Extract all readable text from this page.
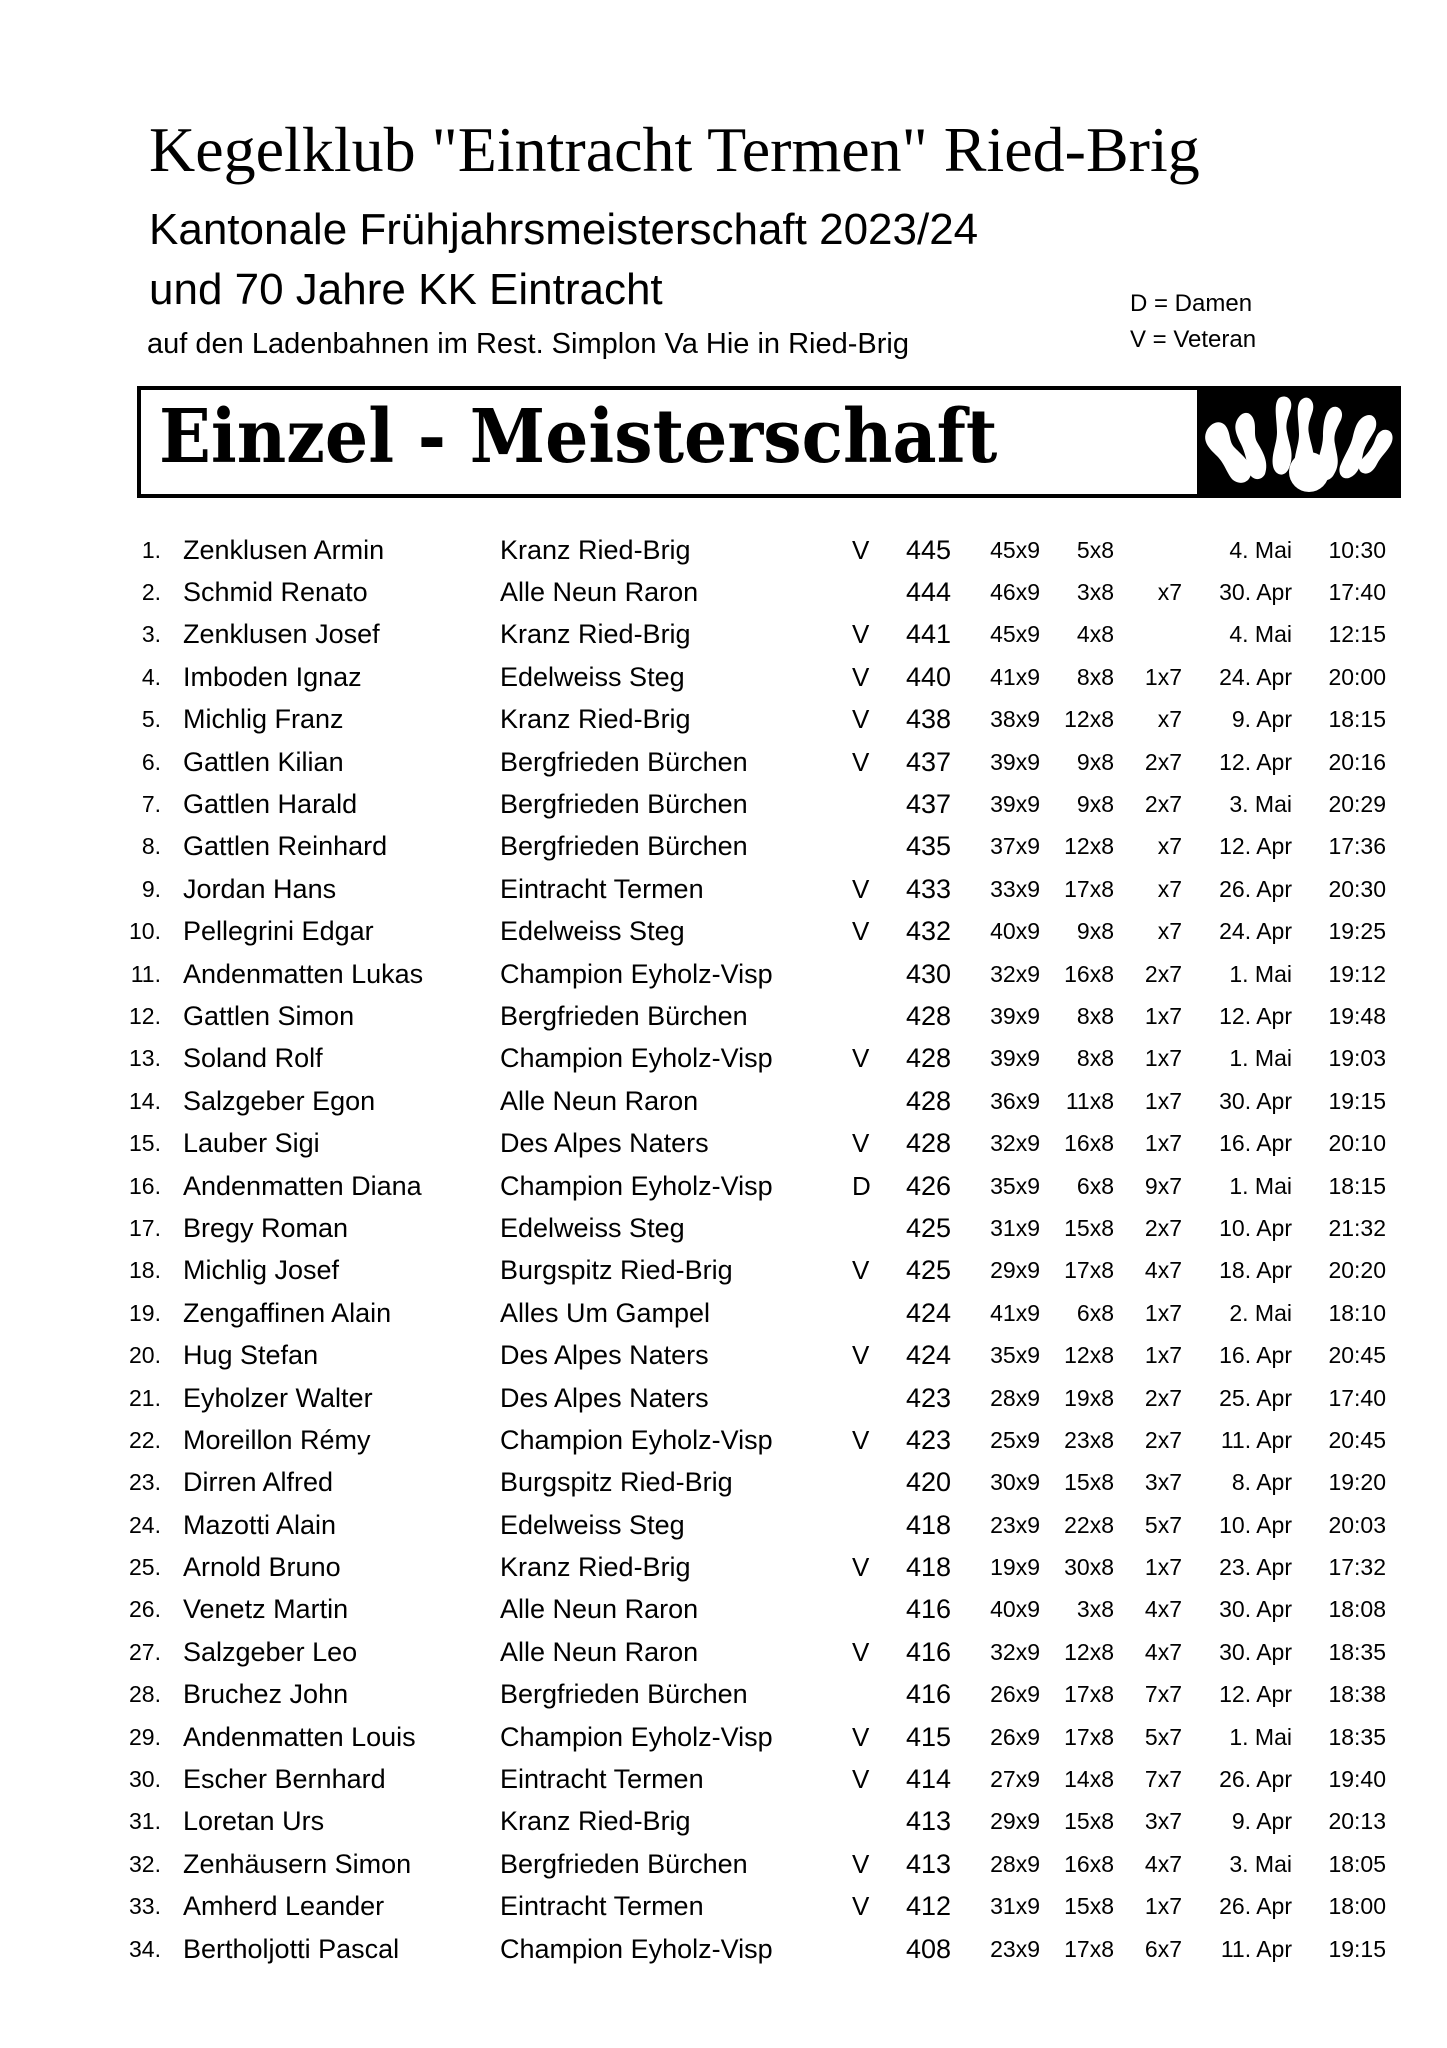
Kegelklub "Eintracht Termen" Ried-Brig
Kantonale Frühjahrsmeisterschaft 2023/24
und 70 Jahre KK Eintracht
auf den Ladenbahnen im Rest. Simplon Va Hie in Ried-Brig
D = Damen
V = Veteran
Einzel - Meisterschaft
1.	Zenklusen Armin	Kranz Ried-Brig	V	445	45x9	5x8		4. Mai	10:30
2.	Schmid Renato	Alle Neun Raron		444	46x9	3x8	x7	30. Apr	17:40
3.	Zenklusen Josef	Kranz Ried-Brig	V	441	45x9	4x8		4. Mai	12:15
4.	Imboden Ignaz	Edelweiss Steg	V	440	41x9	8x8	1x7	24. Apr	20:00
5.	Michlig Franz	Kranz Ried-Brig	V	438	38x9	12x8	x7	9. Apr	18:15
6.	Gattlen Kilian	Bergfrieden Bürchen	V	437	39x9	9x8	2x7	12. Apr	20:16
7.	Gattlen Harald	Bergfrieden Bürchen		437	39x9	9x8	2x7	3. Mai	20:29
8.	Gattlen Reinhard	Bergfrieden Bürchen		435	37x9	12x8	x7	12. Apr	17:36
9.	Jordan Hans	Eintracht Termen	V	433	33x9	17x8	x7	26. Apr	20:30
10.	Pellegrini Edgar	Edelweiss Steg	V	432	40x9	9x8	x7	24. Apr	19:25
11.	Andenmatten Lukas	Champion Eyholz-Visp		430	32x9	16x8	2x7	1. Mai	19:12
12.	Gattlen Simon	Bergfrieden Bürchen		428	39x9	8x8	1x7	12. Apr	19:48
13.	Soland Rolf	Champion Eyholz-Visp	V	428	39x9	8x8	1x7	1. Mai	19:03
14.	Salzgeber Egon	Alle Neun Raron		428	36x9	11x8	1x7	30. Apr	19:15
15.	Lauber Sigi	Des Alpes Naters	V	428	32x9	16x8	1x7	16. Apr	20:10
16.	Andenmatten Diana	Champion Eyholz-Visp	D	426	35x9	6x8	9x7	1. Mai	18:15
17.	Bregy Roman	Edelweiss Steg		425	31x9	15x8	2x7	10. Apr	21:32
18.	Michlig Josef	Burgspitz Ried-Brig	V	425	29x9	17x8	4x7	18. Apr	20:20
19.	Zengaffinen Alain	Alles Um Gampel		424	41x9	6x8	1x7	2. Mai	18:10
20.	Hug Stefan	Des Alpes Naters	V	424	35x9	12x8	1x7	16. Apr	20:45
21.	Eyholzer Walter	Des Alpes Naters		423	28x9	19x8	2x7	25. Apr	17:40
22.	Moreillon Rémy	Champion Eyholz-Visp	V	423	25x9	23x8	2x7	11. Apr	20:45
23.	Dirren Alfred	Burgspitz Ried-Brig		420	30x9	15x8	3x7	8. Apr	19:20
24.	Mazotti Alain	Edelweiss Steg		418	23x9	22x8	5x7	10. Apr	20:03
25.	Arnold Bruno	Kranz Ried-Brig	V	418	19x9	30x8	1x7	23. Apr	17:32
26.	Venetz Martin	Alle Neun Raron		416	40x9	3x8	4x7	30. Apr	18:08
27.	Salzgeber Leo	Alle Neun Raron	V	416	32x9	12x8	4x7	30. Apr	18:35
28.	Bruchez John	Bergfrieden Bürchen		416	26x9	17x8	7x7	12. Apr	18:38
29.	Andenmatten Louis	Champion Eyholz-Visp	V	415	26x9	17x8	5x7	1. Mai	18:35
30.	Escher Bernhard	Eintracht Termen	V	414	27x9	14x8	7x7	26. Apr	19:40
31.	Loretan Urs	Kranz Ried-Brig		413	29x9	15x8	3x7	9. Apr	20:13
32.	Zenhäusern Simon	Bergfrieden Bürchen	V	413	28x9	16x8	4x7	3. Mai	18:05
33.	Amherd Leander	Eintracht Termen	V	412	31x9	15x8	1x7	26. Apr	18:00
34.	Bertholjotti Pascal	Champion Eyholz-Visp		408	23x9	17x8	6x7	11. Apr	19:15
